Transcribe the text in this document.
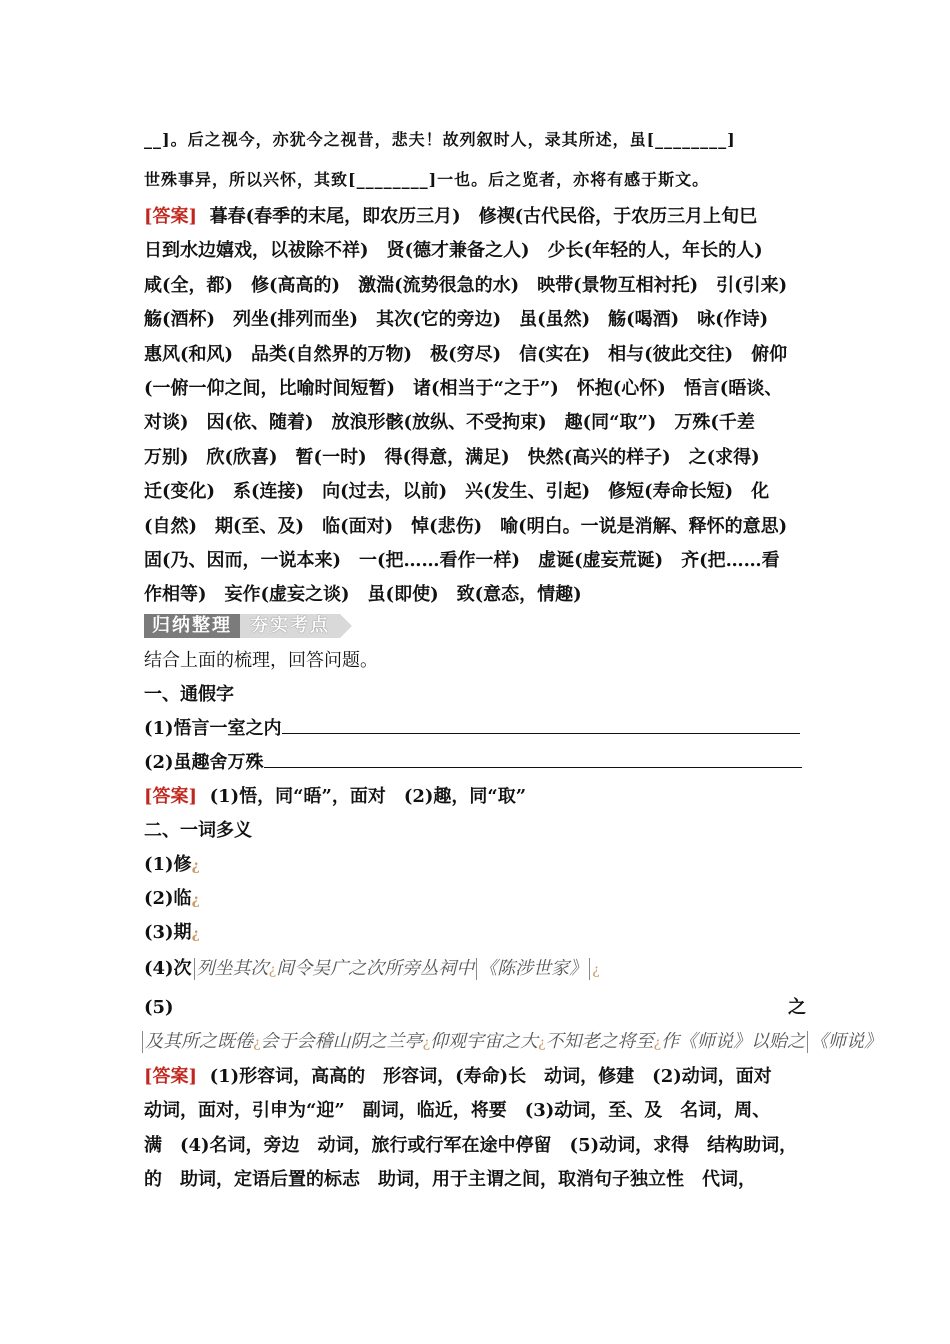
__]。后之视今，亦犹今之视昔，悲夫！故列叙时人，录其所述，虽[________]
世殊事异，所以兴怀，其致[________]一也。后之览者，亦将有感于斯文。
[答案] 暮春(春季的末尾，即农历三月)　修禊(古代民俗，于农历三月上旬巳
日到水边嬉戏，以祓除不祥)　贤(德才兼备之人)　少长(年轻的人，年长的人)
咸(全，都)　修(高高的)　激湍(流势很急的水)　映带(景物互相衬托)　引(引来)
觞(酒杯)　列坐(排列而坐)　其次(它的旁边)　虽(虽然)　觞(喝酒)　咏(作诗)
惠风(和风)　品类(自然界的万物)　极(穷尽)　信(实在)　相与(彼此交往)　俯仰
(一俯一仰之间，比喻时间短暂)　诸(相当于“之于”)　怀抱(心怀)　悟言(晤谈、
对谈)　因(依、随着)　放浪形骸(放纵、不受拘束)　趣(同“取”)　万殊(千差
万别)　欣(欣喜)　暂(一时)　得(得意，满足)　快然(高兴的样子)　之(求得)
迁(变化)　系(连接)　向(过去，以前)　兴(发生、引起)　修短(寿命长短)　化
(自然)　期(至、及)　临(面对)　悼(悲伤)　喻(明白。一说是消解、释怀的意思)
固(乃、因而，一说本来)　一(把……看作一样)　虚诞(虚妄荒诞)　齐(把……看
作相等)　妄作(虚妄之谈)　虽(即使)　致(意态，情趣)
归纳整理	夯实考点
结合上面的梳理，回答问题。
一、通假字
(1)悟言一室之内
(2)虽趣舍万殊
[答案] (1)悟，同“晤”，面对　(2)趣，同“取”
二、一词多义
(1)修¿
(2)临¿
(3)期¿
(4)次 列坐其次¿间令吴广之次所旁丛祠中 《陈涉世家》 ¿
(5)	之
及其所之既倦¿会于会稽山阴之兰亭¿仰观宇宙之大¿不知老之将至¿作《师说》以贻之 《师说》
[答案] (1)形容词，高高的　形容词，(寿命)长　动词，修建　(2)动词，面对
动词，面对，引申为“迎”　副词，临近，将要　(3)动词，至、及　名词，周、
满　(4)名词，旁边　动词，旅行或行军在途中停留　(5)动词，求得　结构助词，
的　助词，定语后置的标志　助词，用于主谓之间，取消句子独立性　代词，
